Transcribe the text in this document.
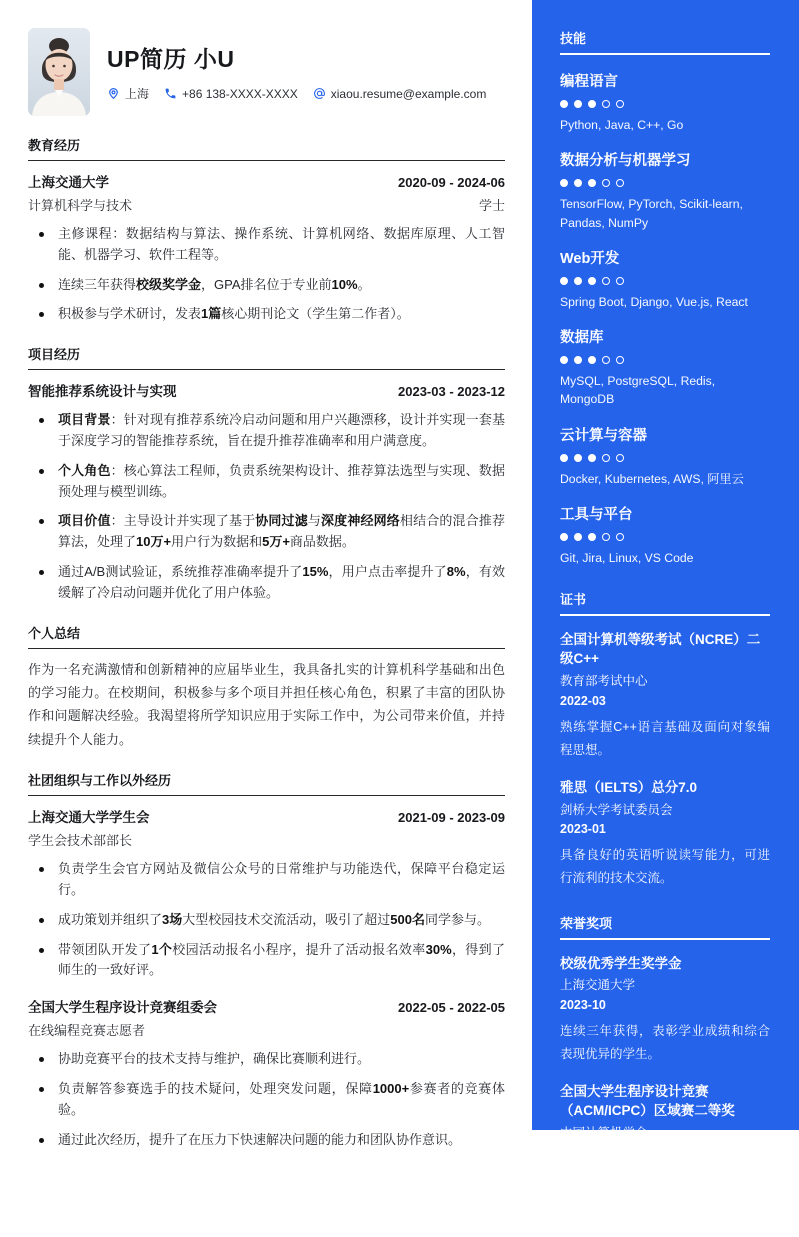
UP简历 小U
上海	+86 138-XXXX-XXXX	xiaou.resume@example.com
教育经历
上海交通大学	2020-09 - 2024-06
计算机科学与技术	学士
主修课程：数据结构与算法、操作系统、计算机网络、数据库原理、人工智能、机器学习、软件工程等。
连续三年获得校级奖学金，GPA排名位于专业前10%。
积极参与学术研讨，发表1篇核心期刊论文（学生第二作者）。
项目经历
智能推荐系统设计与实现	2023-03 - 2023-12
项目背景：针对现有推荐系统冷启动问题和用户兴趣漂移，设计并实现一套基于深度学习的智能推荐系统，旨在提升推荐准确率和用户满意度。
个人角色：核心算法工程师，负责系统架构设计、推荐算法选型与实现、数据预处理与模型训练。
项目价值：主导设计并实现了基于协同过滤与深度神经网络相结合的混合推荐算法，处理了10万+用户行为数据和5万+商品数据。
通过A/B测试验证，系统推荐准确率提升了15%，用户点击率提升了8%，有效缓解了冷启动问题并优化了用户体验。
个人总结

作为一名充满激情和创新精神的应届毕业生，我具备扎实的计算机科学基础和出色的学习能力。在校期间，积极参与多个项目并担任核心角色，积累了丰富的团队协作和问题解决经验。我渴望将所学知识应用于实际工作中，为公司带来价值，并持续提升个人能力。

社团组织与工作以外经历
上海交通大学学生会	2021-09 - 2023-09
学生会技术部部长
负责学生会官方网站及微信公众号的日常维护与功能迭代，保障平台稳定运行。
成功策划并组织了3场大型校园技术交流活动，吸引了超过500名同学参与。
带领团队开发了1个校园活动报名小程序，提升了活动报名效率30%，得到了师生的一致好评。
全国大学生程序设计竞赛组委会	2022-05 - 2022-05
在线编程竞赛志愿者
协助竞赛平台的技术支持与维护，确保比赛顺利进行。
负责解答参赛选手的技术疑问，处理突发问题，保障1000+参赛者的竞赛体验。
通过此次经历，提升了在压力下快速解决问题的能力和团队协作意识。
技能
编程语言
Python, Java, C++, Go
数据分析与机器学习
TensorFlow, PyTorch, Scikit-learn, Pandas, NumPy
Web开发
Spring Boot, Django, Vue.js, React
数据库
MySQL, PostgreSQL, Redis, MongoDB
云计算与容器
Docker, Kubernetes, AWS, 阿里云
工具与平台
Git, Jira, Linux, VS Code
证书
全国计算机等级考试（NCRE）二级C++
教育部考试中心
2022-03
熟练掌握C++语言基础及面向对象编程思想。
雅思（IELTS）总分7.0
剑桥大学考试委员会
2023-01
具备良好的英语听说读写能力，可进行流利的技术交流。
荣誉奖项
校级优秀学生奖学金
上海交通大学
2023-10
连续三年获得，表彰学业成绩和综合表现优异的学生。
全国大学生程序设计竞赛（ACM/ICPC）区域赛二等奖
中国计算机学会
2022-11
在激烈的比赛中，团队协同解决复杂算法问题，展现了扎实的编程功底和算法设计能力。
